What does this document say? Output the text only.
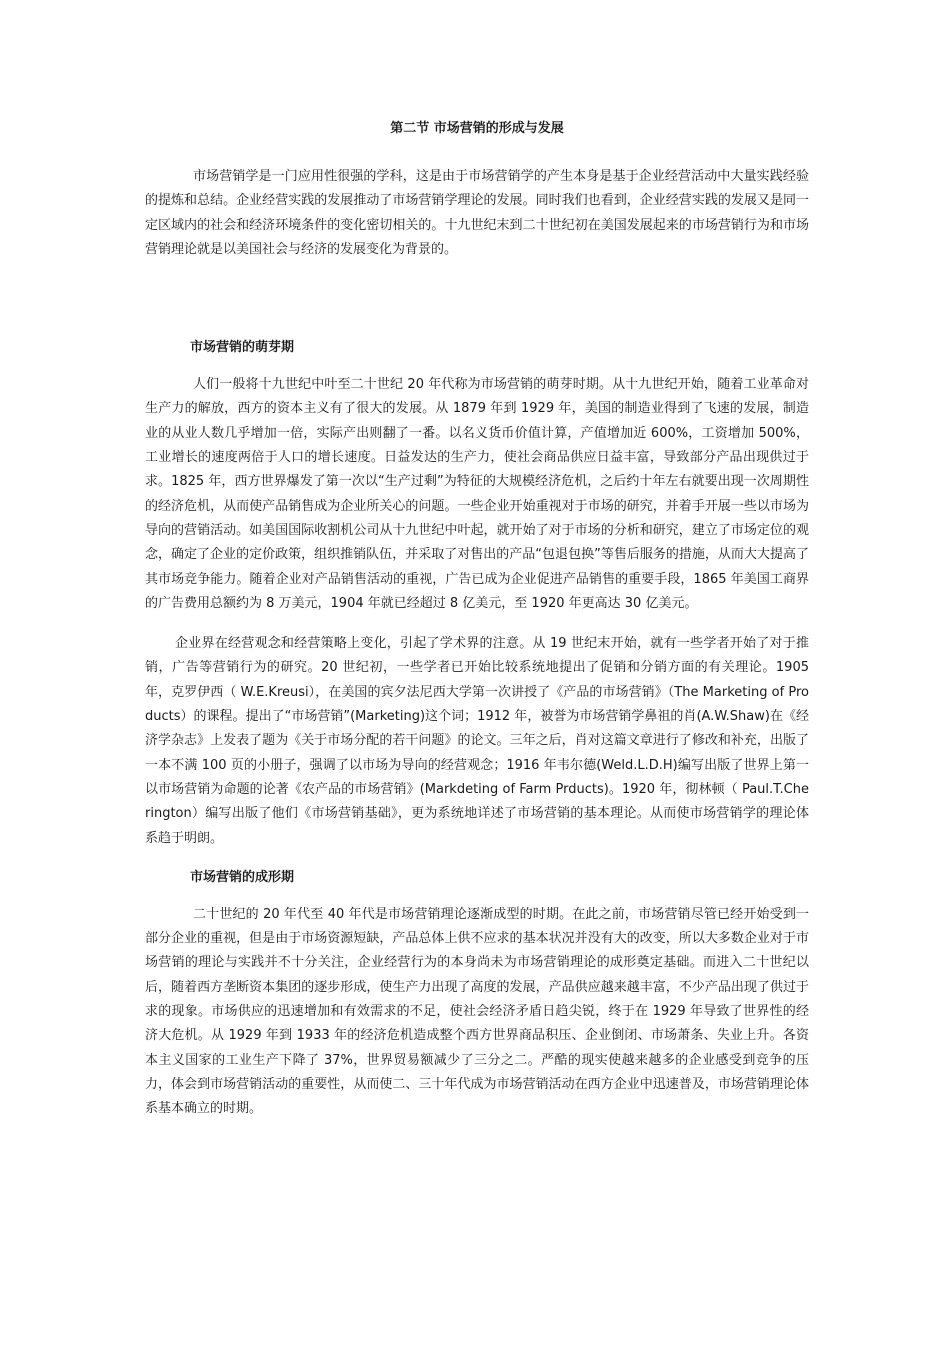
第二节 市场营销的形成与发展

市场营销学是一门应用性很强的学科，这是由于市场营销学的产生本身是基于企业经营活动中大量实践经验的提炼和总结。企业经营实践的发展推动了市场营销学理论的发展。同时我们也看到，企业经营实践的发展又是同一定区域内的社会和经济环境条件的变化密切相关的。十九世纪末到二十世纪初在美国发展起来的市场营销行为和市场营销理论就是以美国社会与经济的发展变化为背景的。

市场营销的萌芽期

人们一般将十九世纪中叶至二十世纪 20 年代称为市场营销的萌芽时期。从十九世纪开始，随着工业革命对生产力的解放，西方的资本主义有了很大的发展。从 1879 年到 1929 年，美国的制造业得到了飞速的发展，制造业的从业人数几乎增加一倍，实际产出则翻了一番。以名义货币价值计算，产值增加近 600%，工资增加 500%，工业增长的速度两倍于人口的增长速度。日益发达的生产力，使社会商品供应日益丰富，导致部分产品出现供过于求。1825 年，西方世界爆发了第一次以“生产过剩”为特征的大规模经济危机，之后约十年左右就要出现一次周期性的经济危机，从而使产品销售成为企业所关心的问题。一些企业开始重视对于市场的研究，并着手开展一些以市场为导向的营销活动。如美国国际收割机公司从十九世纪中叶起，就开始了对于市场的分析和研究，建立了市场定位的观念，确定了企业的定价政策，组织推销队伍，并采取了对售出的产品“包退包换”等售后服务的措施，从而大大提高了其市场竞争能力。随着企业对产品销售活动的重视，广告已成为企业促进产品销售的重要手段，1865 年美国工商界的广告费用总额约为 8 万美元，1904 年就已经超过 8 亿美元，至 1920 年更高达 30 亿美元。

企业界在经营观念和经营策略上变化，引起了学术界的注意。从 19 世纪末开始，就有一些学者开始了对于推销，广告等营销行为的研究。20 世纪初，一些学者已开始比较系统地提出了促销和分销方面的有关理论。1905 年，克罗伊西（ W.E.Kreusi），在美国的宾夕法尼西大学第一次讲授了《产品的市场营销》（The Marketing of Products）的课程。提出了“市场营销”(Marketing)这个词；1912 年，被誉为市场营销学鼻祖的肖(A.W.Shaw)在《经济学杂志》上发表了题为《关于市场分配的若干问题》的论文。三年之后，肖对这篇文章进行了修改和补充，出版了一本不满 100 页的小册子，强调了以市场为导向的经营观念；1916 年韦尔德(Weld.L.D.H)编写出版了世界上第一以市场营销为命题的论著《农产品的市场营销》(Markdeting of Farm Prducts)。1920 年，彻林顿（ Paul.T.Cherington）编写出版了他们《市场营销基础》，更为系统地详述了市场营销的基本理论。从而使市场营销学的理论体系趋于明朗。

市场营销的成形期

二十世纪的 20 年代至 40 年代是市场营销理论逐渐成型的时期。在此之前，市场营销尽管已经开始受到一部分企业的重视，但是由于市场资源短缺，产品总体上供不应求的基本状况并没有大的改变，所以大多数企业对于市场营销的理论与实践并不十分关注，企业经营行为的本身尚未为市场营销理论的成形奠定基础。而进入二十世纪以后，随着西方垄断资本集团的逐步形成，使生产力出现了高度的发展，产品供应越来越丰富，不少产品出现了供过于求的现象。市场供应的迅速增加和有效需求的不足，使社会经济矛盾日趋尖锐，终于在 1929 年导致了世界性的经济大危机。从 1929 年到 1933 年的经济危机造成整个西方世界商品积压、企业倒闭、市场萧条、失业上升。各资本主义国家的工业生产下降了 37%，世界贸易额减少了三分之二。严酷的现实使越来越多的企业感受到竞争的压力，体会到市场营销活动的重要性，从而使二、三十年代成为市场营销活动在西方企业中迅速普及，市场营销理论体系基本确立的时期。
